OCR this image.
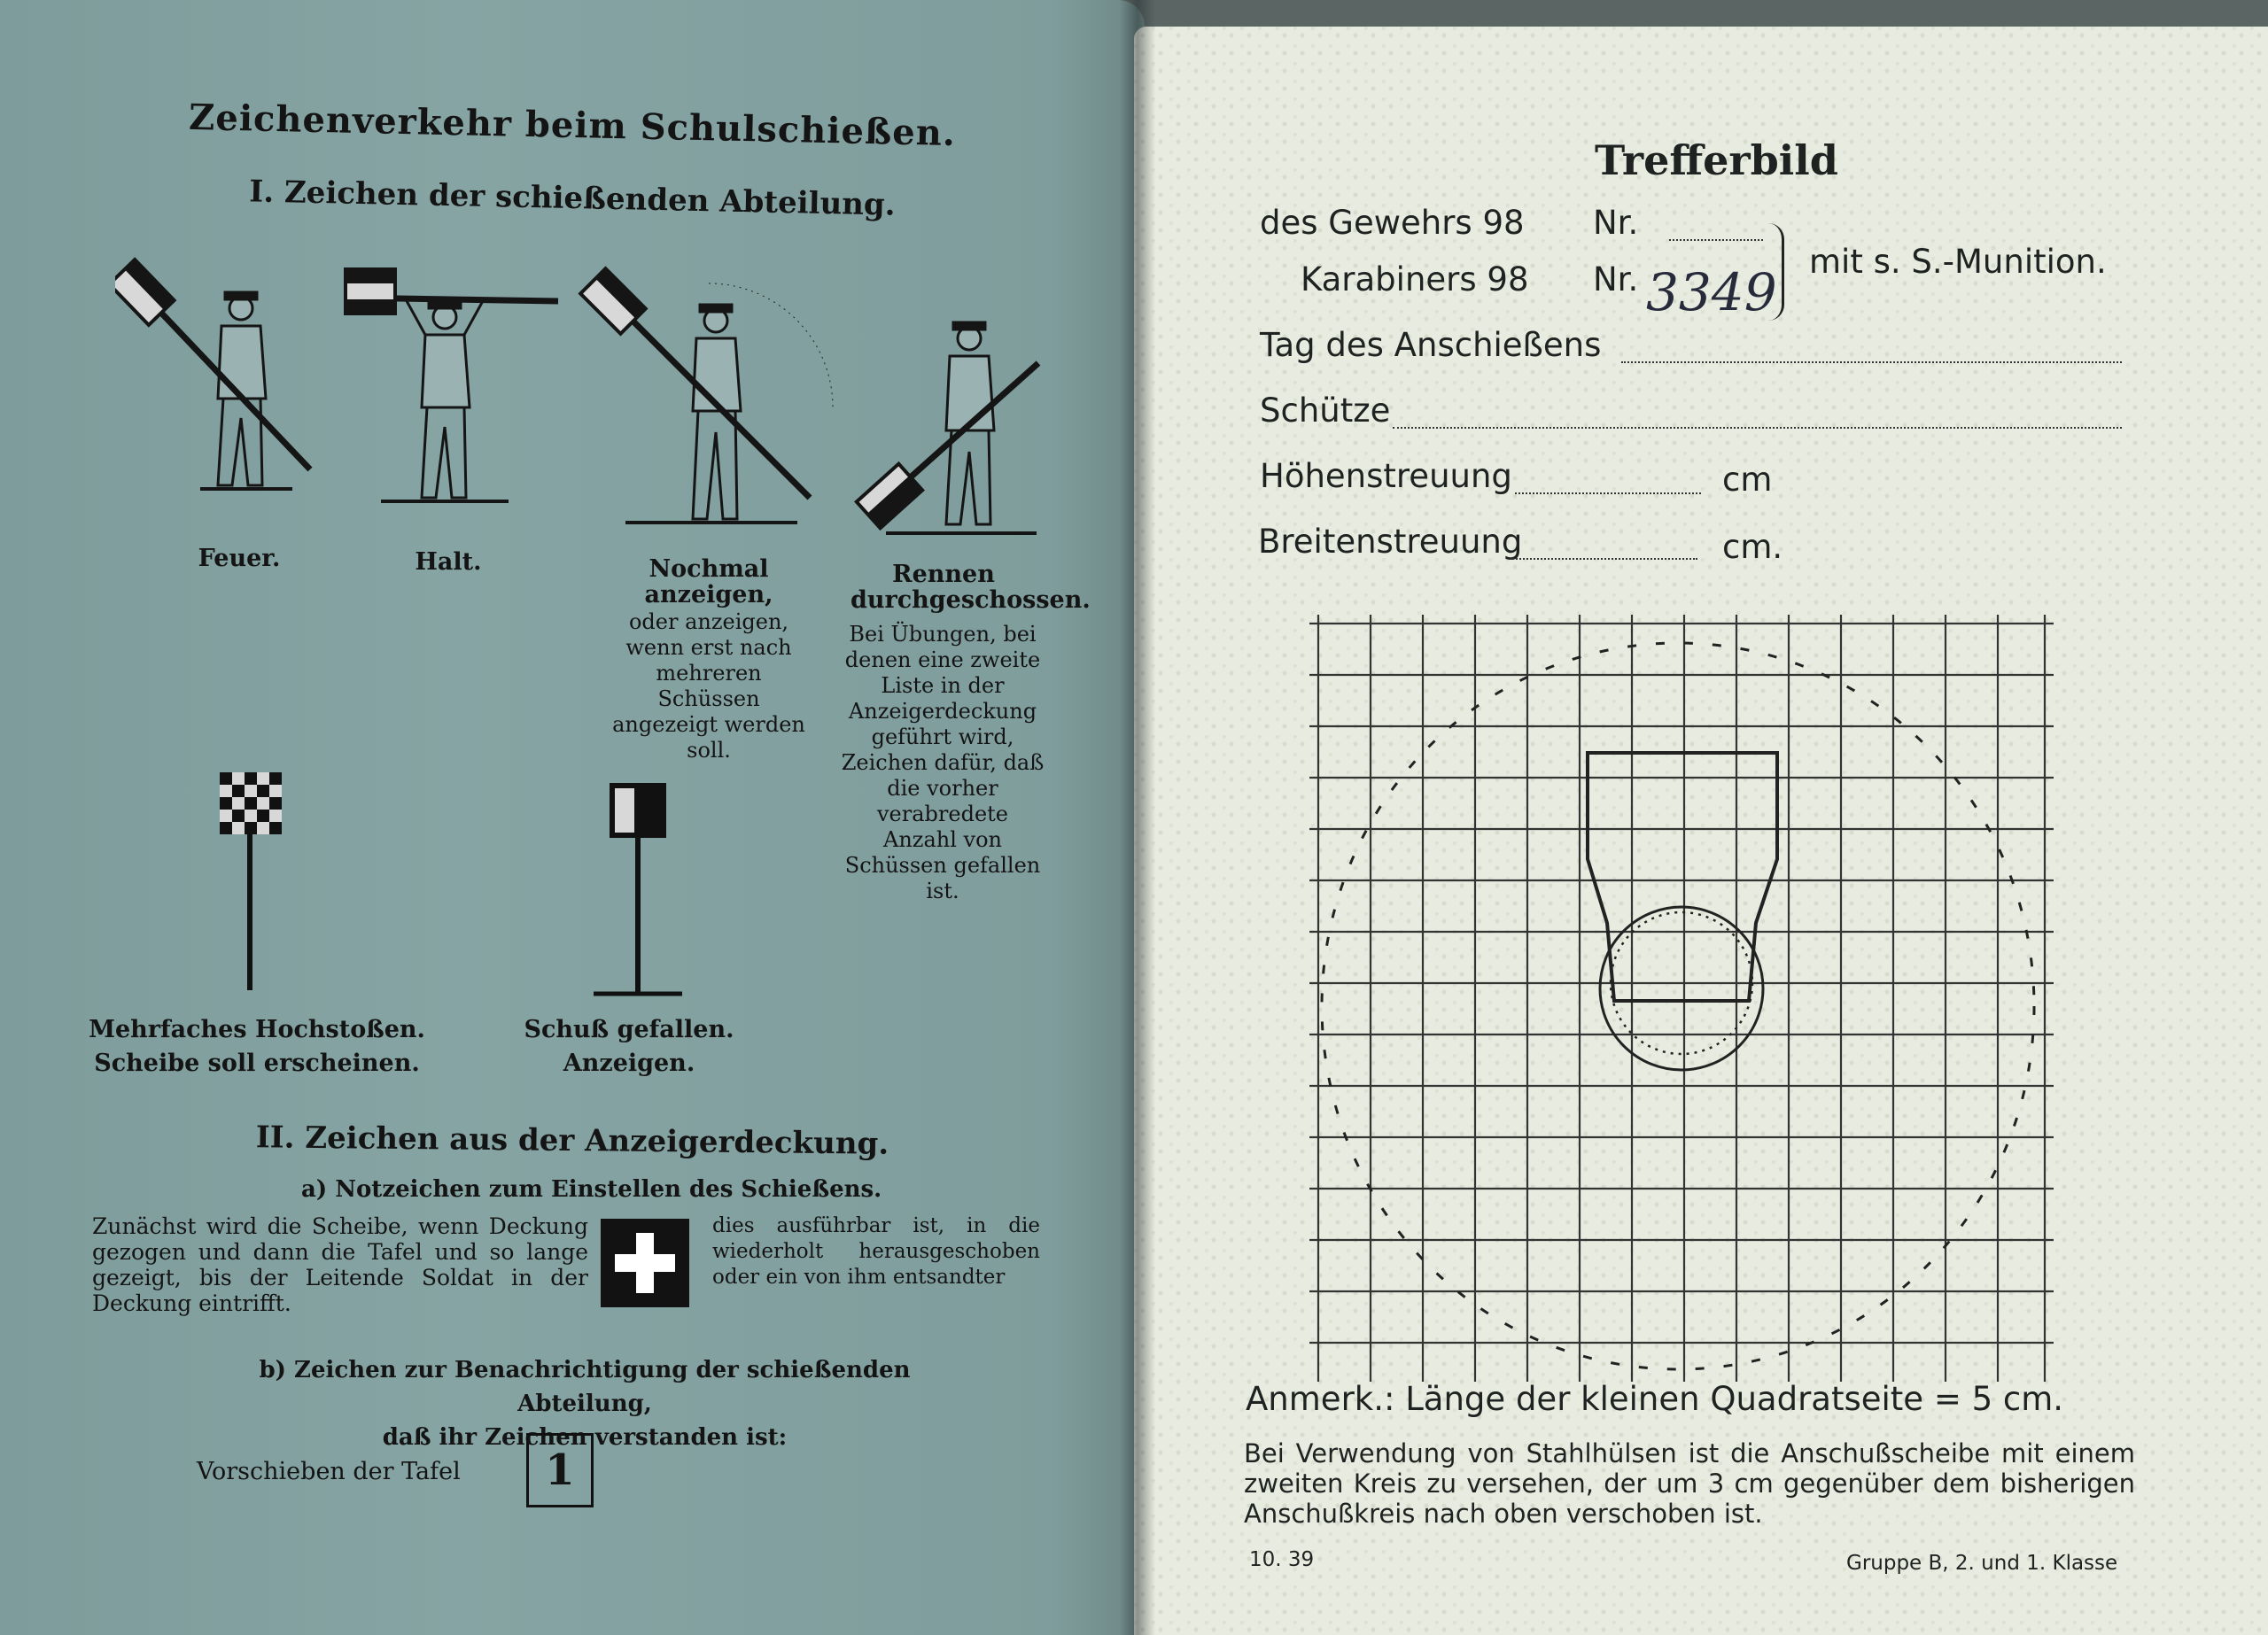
Zeichenverkehr beim Schulschießen.
I. Zeichen der schießenden Abteilung.
Feuer.	Halt.	Nochmal anzeigen,
oder anzeigen, wenn erst nach mehreren Schüssen angezeigt werden soll.
Rennen durchgeschossen.
Bei Übungen, bei denen eine zweite Liste in der Anzeigerdeckung geführt wird, Zeichen dafür, daß die vorher verabredete Anzahl von Schüssen gefallen ist.
Mehrfaches Hochstoßen.
Scheibe soll erscheinen.
Schuß gefallen.
Anzeigen.
II. Zeichen aus der Anzeigerdeckung.
a) Notzeichen zum Einstellen des Schießens.
Zunächst wird die Scheibe, wenn Deckung gezogen und dann die Tafel und so lange gezeigt, bis der Leitende Soldat in der Deckung eintrifft.
dies ausführbar ist, in die wiederholt herausgeschoben oder ein von ihm entsandter
b) Zeichen zur Benachrichtigung der schießenden Abteilung,
daß ihr Zeichen verstanden ist:
Vorschieben der Tafel	1
Trefferbild
des Gewehrs 98 Nr.
Karabiners 98 Nr. 3349
mit s. S.-Munition.
Tag des Anschießens
Schütze
Höhenstreuung	cm
Breitenstreuung	cm.
Anmerk.: Länge der kleinen Quadratseite = 5 cm.
Bei Verwendung von Stahlhülsen ist die Anschußscheibe mit einem zweiten Kreis zu versehen, der um 3 cm gegenüber dem bisherigen Anschußkreis nach oben verschoben ist.
10. 39	Gruppe B, 2. und 1. Klasse
